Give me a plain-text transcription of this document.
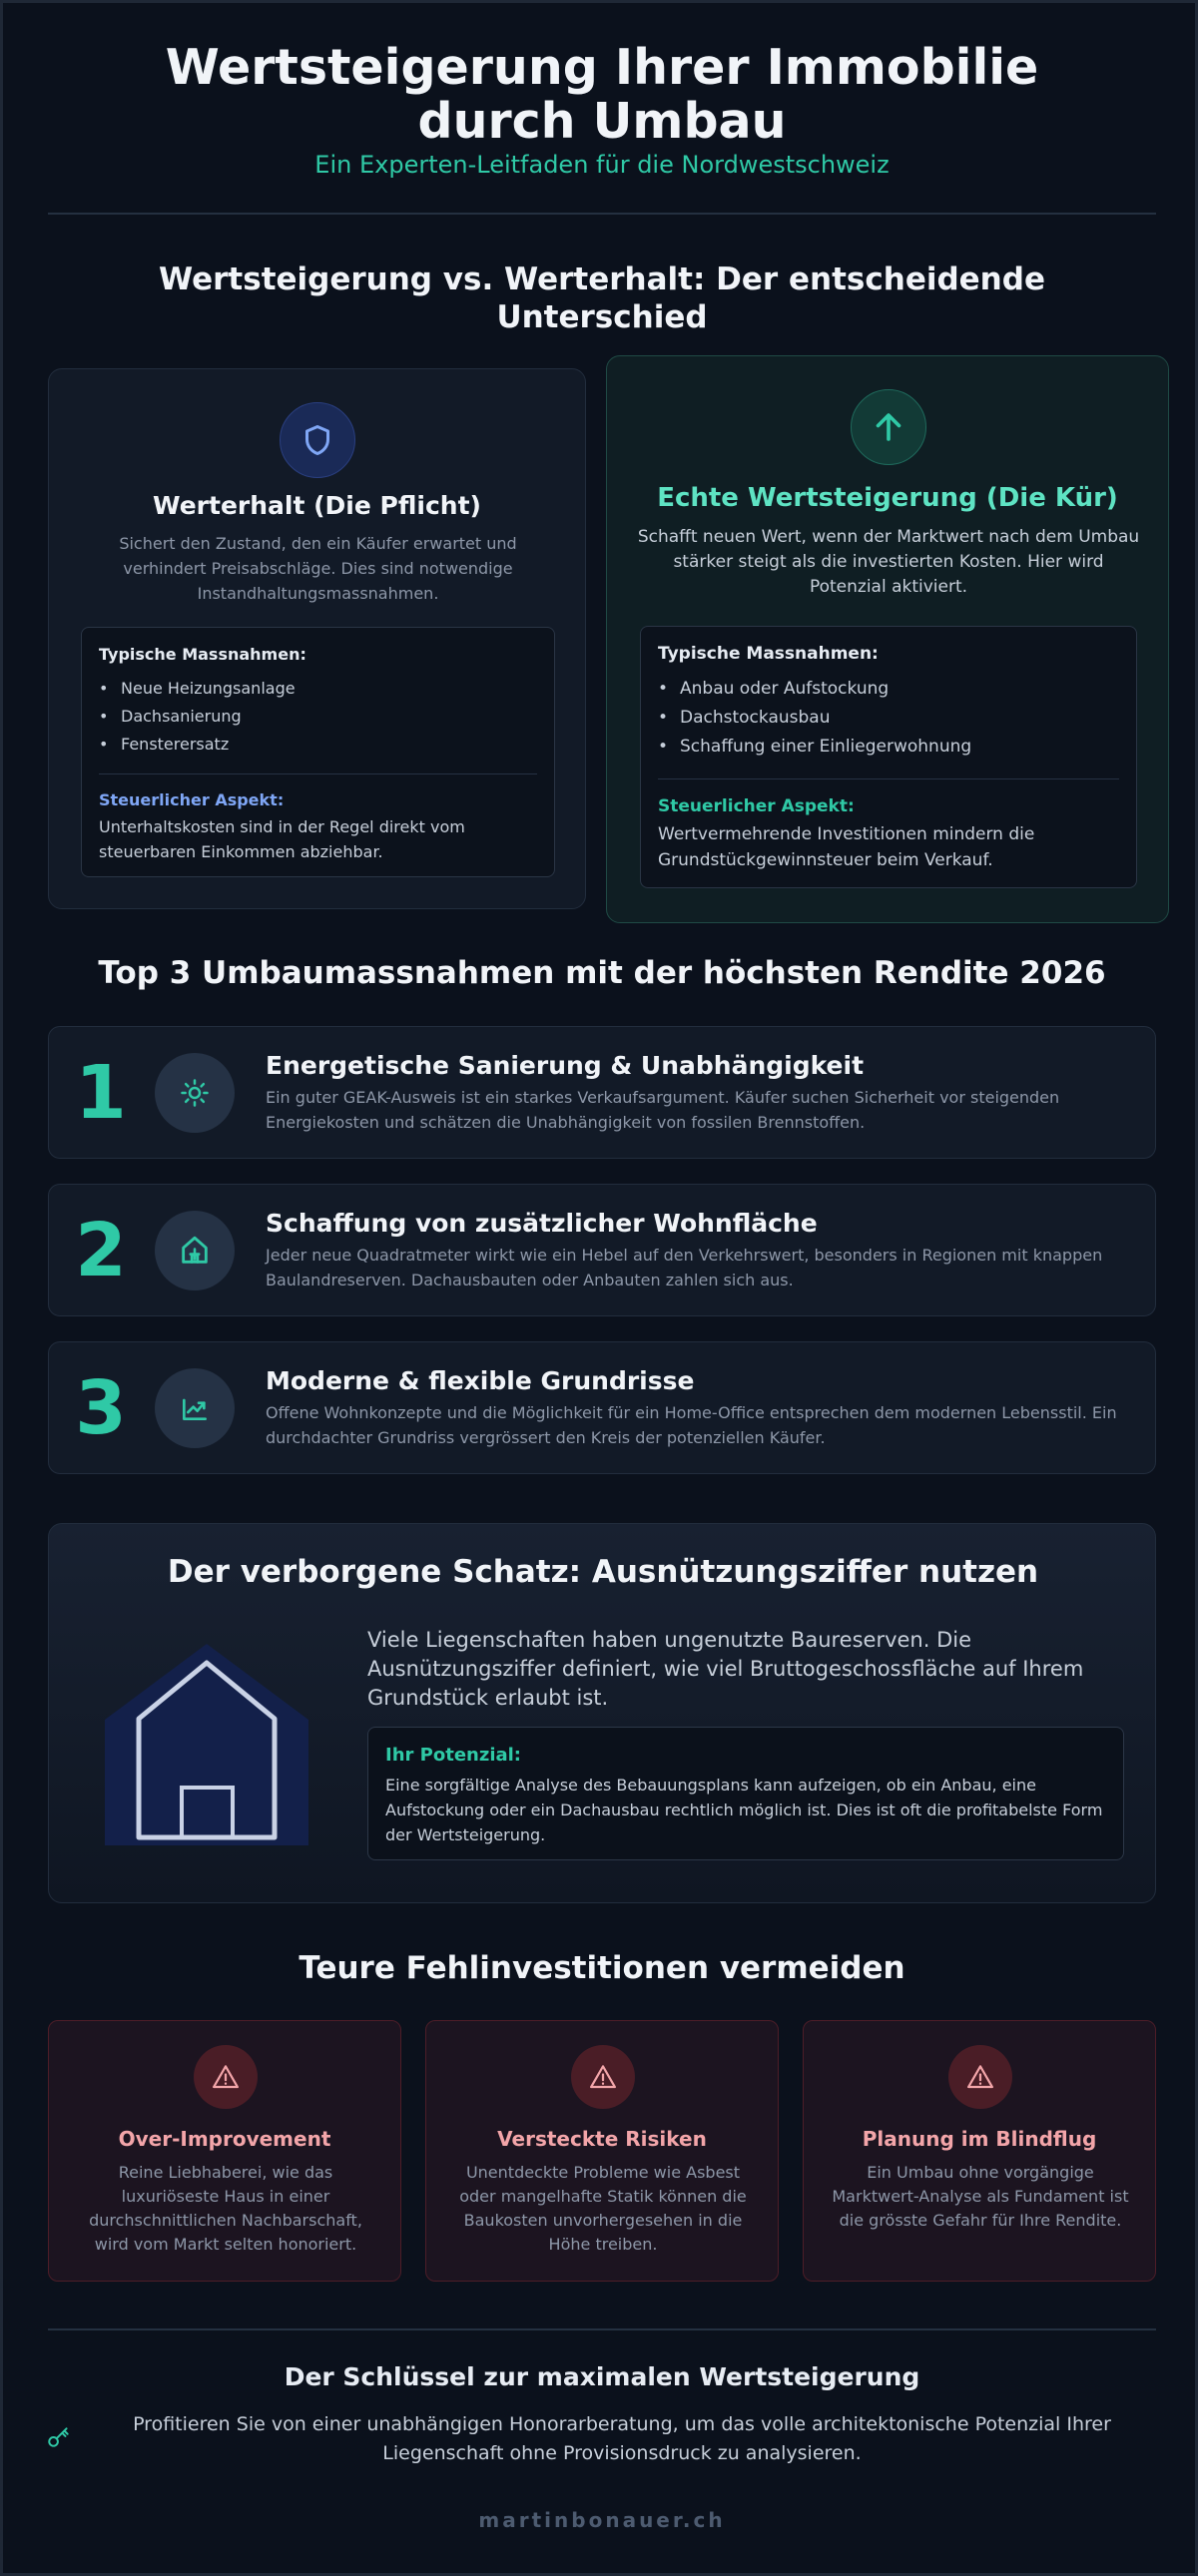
Wertsteigerung Ihrer Immobilie durch Umbau
Ein Experten-Leitfaden für die Nordwestschweiz
Wertsteigerung vs. Werterhalt: Der entscheidende Unterschied
Werterhalt (Die Pflicht)
Sichert den Zustand, den ein Käufer erwartet und verhindert Preisabschläge. Dies sind notwendige Instandhaltungsmassnahmen.
Typische Massnahmen:
• Neue Heizungsanlage
• Dachsanierung
• Fensterersatz
Steuerlicher Aspekt:
Unterhaltskosten sind in der Regel direkt vom steuerbaren Einkommen abziehbar.
Echte Wertsteigerung (Die Kür)
Schafft neuen Wert, wenn der Marktwert nach dem Umbau stärker steigt als die investierten Kosten. Hier wird Potenzial aktiviert.
Typische Massnahmen:
• Anbau oder Aufstockung
• Dachstockausbau
• Schaffung einer Einliegerwohnung
Steuerlicher Aspekt:
Wertvermehrende Investitionen mindern die Grundstückgewinnsteuer beim Verkauf.
Top 3 Umbaumassnahmen mit der höchsten Rendite 2026
1	Energetische Sanierung & Unabhängigkeit
Ein guter GEAK-Ausweis ist ein starkes Verkaufsargument. Käufer suchen Sicherheit vor steigenden Energiekosten und schätzen die Unabhängigkeit von fossilen Brennstoffen.
2	Schaffung von zusätzlicher Wohnfläche
Jeder neue Quadratmeter wirkt wie ein Hebel auf den Verkehrswert, besonders in Regionen mit knappen Baulandreserven. Dachausbauten oder Anbauten zahlen sich aus.
3	Moderne & flexible Grundrisse
Offene Wohnkonzepte und die Möglichkeit für ein Home-Office entsprechen dem modernen Lebensstil. Ein durchdachter Grundriss vergrössert den Kreis der potenziellen Käufer.
Der verborgene Schatz: Ausnützungsziffer nutzen
Viele Liegenschaften haben ungenutzte Baureserven. Die Ausnützungsziffer definiert, wie viel Bruttogeschossfläche auf Ihrem Grundstück erlaubt ist.
Ihr Potenzial:
Eine sorgfältige Analyse des Bebauungsplans kann aufzeigen, ob ein Anbau, eine Aufstockung oder ein Dachausbau rechtlich möglich ist. Dies ist oft die profitabelste Form der Wertsteigerung.
Teure Fehlinvestitionen vermeiden
Over-Improvement
Reine Liebhaberei, wie das luxuriöseste Haus in einer durchschnittlichen Nachbarschaft, wird vom Markt selten honoriert.
Versteckte Risiken
Unentdeckte Probleme wie Asbest oder mangelhafte Statik können die Baukosten unvorhergesehen in die Höhe treiben.
Planung im Blindflug
Ein Umbau ohne vorgängige Marktwert-Analyse als Fundament ist die grösste Gefahr für Ihre Rendite.
Der Schlüssel zur maximalen Wertsteigerung
Profitieren Sie von einer unabhängigen Honorarberatung, um das volle architektonische Potenzial Ihrer Liegenschaft ohne Provisionsdruck zu analysieren.
martinbonauer.ch
